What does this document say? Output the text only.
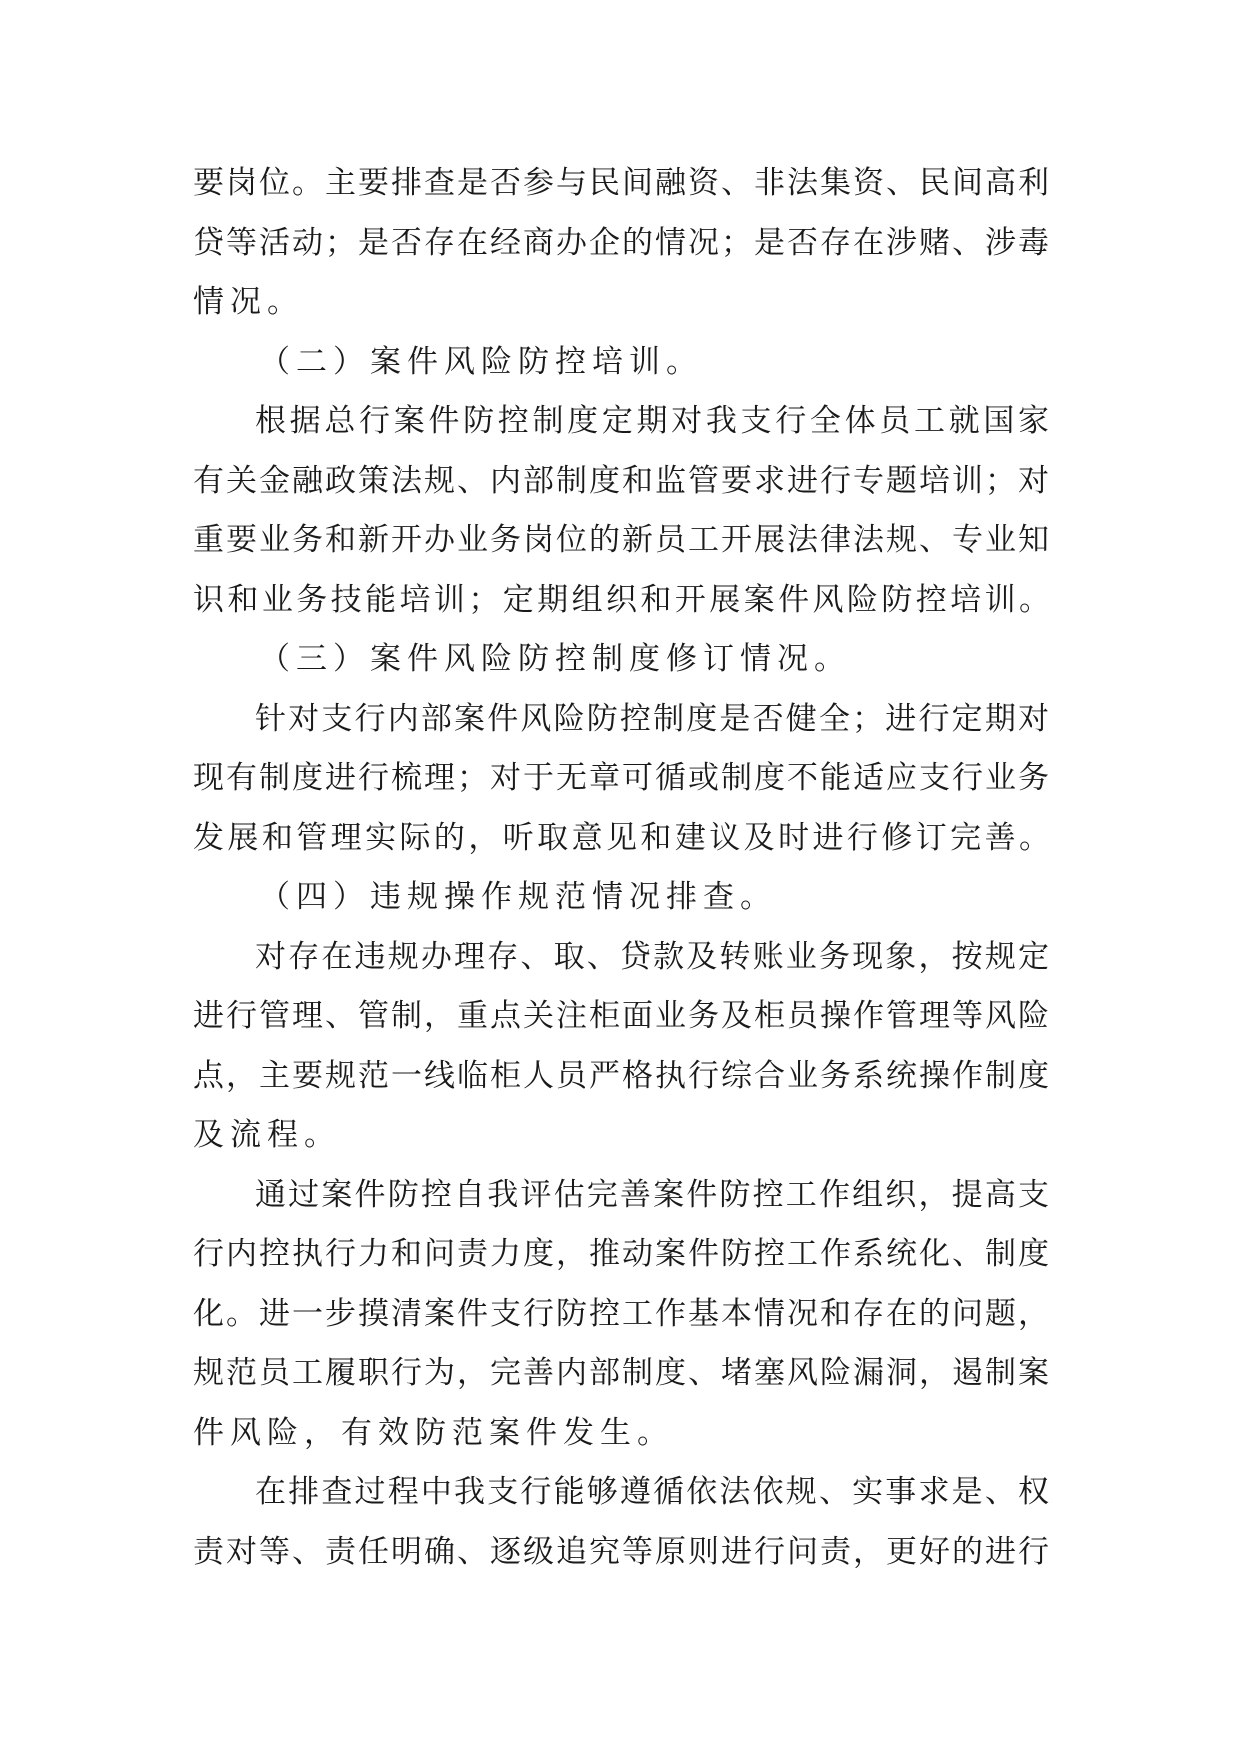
要岗位。主要排查是否参与民间融资、非法集资、民间高利
贷等活动；是否存在经商办企的情况；是否存在涉赌、涉毒
情况。
（二）案件风险防控培训。
根据总行案件防控制度定期对我支行全体员工就国家
有关金融政策法规、内部制度和监管要求进行专题培训；对
重要业务和新开办业务岗位的新员工开展法律法规、专业知
识和业务技能培训；定期组织和开展案件风险防控培训。
（三）案件风险防控制度修订情况。
针对支行内部案件风险防控制度是否健全；进行定期对
现有制度进行梳理；对于无章可循或制度不能适应支行业务
发展和管理实际的，听取意见和建议及时进行修订完善。
（四）违规操作规范情况排查。
对存在违规办理存、取、贷款及转账业务现象，按规定
进行管理、管制，重点关注柜面业务及柜员操作管理等风险
点，主要规范一线临柜人员严格执行综合业务系统操作制度
及流程。
通过案件防控自我评估完善案件防控工作组织，提高支
行内控执行力和问责力度，推动案件防控工作系统化、制度
化。进一步摸清案件支行防控工作基本情况和存在的问题，
规范员工履职行为，完善内部制度、堵塞风险漏洞，遏制案
件风险，有效防范案件发生。
在排查过程中我支行能够遵循依法依规、实事求是、权
责对等、责任明确、逐级追究等原则进行问责，更好的进行
